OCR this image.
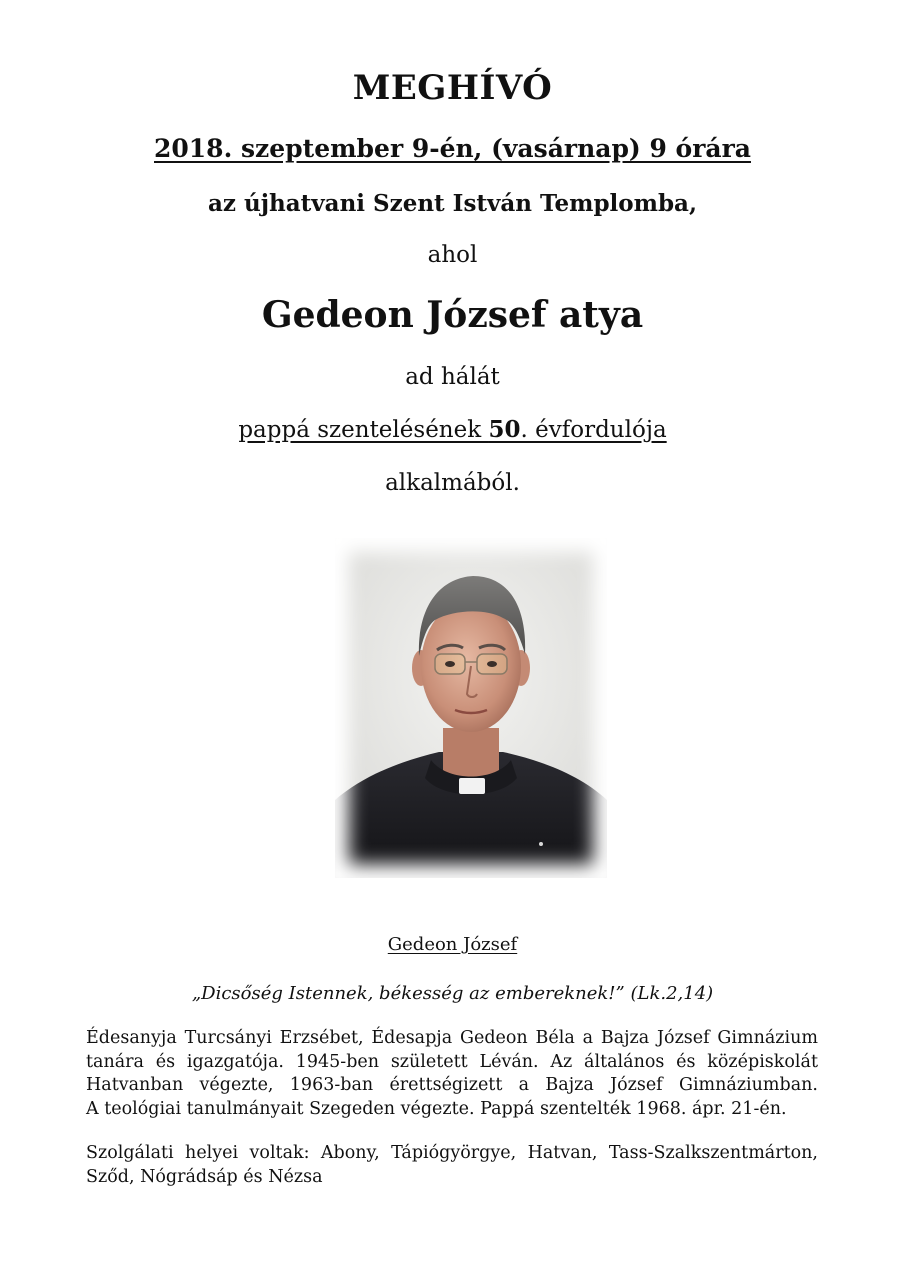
MEGHÍVÓ
2018. szeptember 9-én, (vasárnap) 9 órára
az újhatvani Szent István Templomba,
ahol
Gedeon József atya
ad hálát
pappá szentelésének 50. évfordulója
alkalmából.
Gedeon József
„Dicsőség Istennek, békesség az embereknek!” (Lk.2,14)
Édesanyja Turcsányi Erzsébet, Édesapja Gedeon Béla a Bajza József Gimnázium
tanára és igazgatója. 1945-ben született Léván. Az általános és középiskolát
Hatvanban végezte, 1963-ban érettségizett a Bajza József Gimnáziumban.
A teológiai tanulmányait Szegeden végezte. Pappá szentelték 1968. ápr. 21-én.
Szolgálati helyei voltak: Abony, Tápiógyörgye, Hatvan, Tass-Szalkszentmárton,
Sződ, Nógrádsáp és Nézsa
